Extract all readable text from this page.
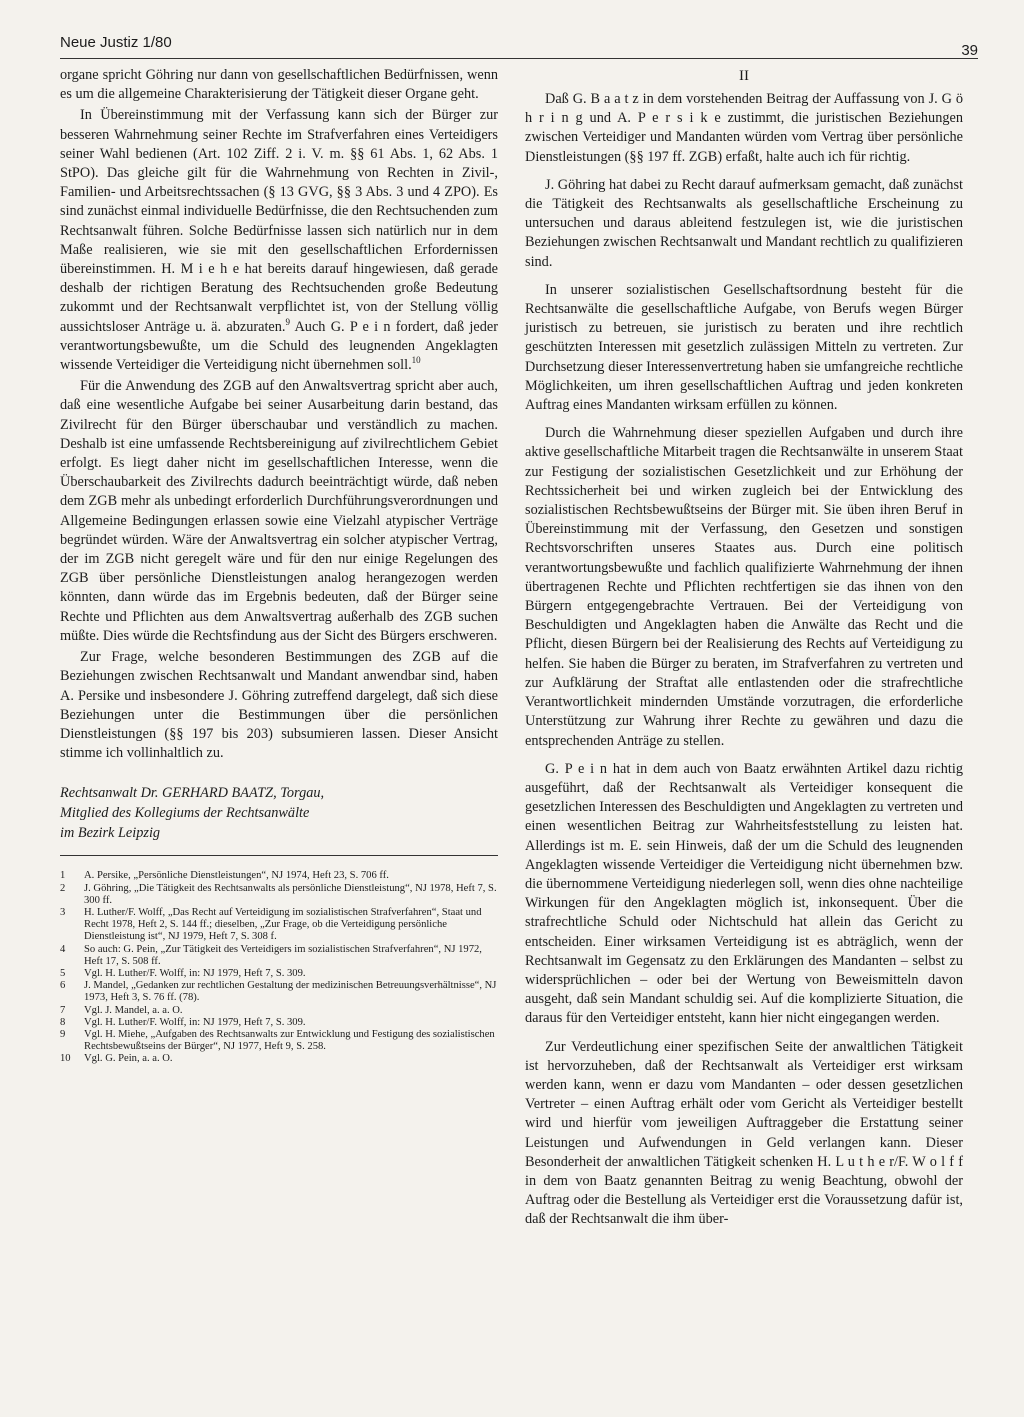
Neue Justiz 1/80	39

organe spricht Göhring nur dann von gesellschaftlichen Bedürfnissen, wenn es um die allgemeine Charakterisierung der Tätigkeit dieser Organe geht.

In Übereinstimmung mit der Verfassung kann sich der Bürger zur besseren Wahrnehmung seiner Rechte im Strafverfahren eines Verteidigers seiner Wahl bedienen (Art. 102 Ziff. 2 i. V. m. §§ 61 Abs. 1, 62 Abs. 1 StPO). Das gleiche gilt für die Wahrnehmung von Rechten in Zivil-, Familien- und Arbeitsrechtssachen (§ 13 GVG, §§ 3 Abs. 3 und 4 ZPO). Es sind zunächst einmal individuelle Bedürfnisse, die den Rechtsuchenden zum Rechtsanwalt führen. Solche Bedürfnisse lassen sich natürlich nur in dem Maße realisieren, wie sie mit den gesellschaftlichen Erfordernissen übereinstimmen. H. M i e h e hat bereits darauf hingewiesen, daß gerade deshalb der richtigen Beratung des Rechtsuchenden große Bedeutung zukommt und der Rechtsanwalt verpflichtet ist, von der Stellung völlig aussichtsloser Anträge u. ä. abzuraten.$^9$ Auch G. P e i n fordert, daß jeder verantwortungsbewußte, um die Schuld des leugnenden Angeklagten wissende Verteidiger die Verteidigung nicht übernehmen soll.$^{10}$

Für die Anwendung des ZGB auf den Anwaltsvertrag spricht aber auch, daß eine wesentliche Aufgabe bei seiner Ausarbeitung darin bestand, das Zivilrecht für den Bürger überschaubar und verständlich zu machen. Deshalb ist eine umfassende Rechtsbereinigung auf zivilrechtlichem Gebiet erfolgt. Es liegt daher nicht im gesellschaftlichen Interesse, wenn die Überschaubarkeit des Zivilrechts dadurch beeinträchtigt würde, daß neben dem ZGB mehr als unbedingt erforderlich Durchführungsverordnungen und Allgemeine Bedingungen erlassen sowie eine Vielzahl atypischer Verträge begründet würden. Wäre der Anwaltsvertrag ein solcher atypischer Vertrag, der im ZGB nicht geregelt wäre und für den nur einige Regelungen des ZGB über persönliche Dienstleistungen analog herangezogen werden könnten, dann würde das im Ergebnis bedeuten, daß der Bürger seine Rechte und Pflichten aus dem Anwaltsvertrag außerhalb des ZGB suchen müßte. Dies würde die Rechtsfindung aus der Sicht des Bürgers erschweren.

Zur Frage, welche besonderen Bestimmungen des ZGB auf die Beziehungen zwischen Rechtsanwalt und Mandant anwendbar sind, haben A. Persike und insbesondere J. Göhring zutreffend dargelegt, daß sich diese Beziehungen unter die Bestimmungen über die persönlichen Dienstleistungen (§§ 197 bis 203) subsumieren lassen. Dieser Ansicht stimme ich vollinhaltlich zu.

Rechtsanwalt Dr. GERHARD BAATZ, Torgau,
Mitglied des Kollegiums der Rechtsanwälte
im Bezirk Leipzig
1	A. Persike, „Persönliche Dienstleistungen“, NJ 1974, Heft 23, S. 706 ff.
2	J. Göhring, „Die Tätigkeit des Rechtsanwalts als persönliche Dienstleistung“, NJ 1978, Heft 7, S. 300 ff.
3	H. Luther/F. Wolff, „Das Recht auf Verteidigung im sozialistischen Strafverfahren“, Staat und Recht 1978, Heft 2, S. 144 ff.; dieselben, „Zur Frage, ob die Verteidigung persönliche Dienstleistung ist“, NJ 1979, Heft 7, S. 308 f.
4	So auch: G. Pein, „Zur Tätigkeit des Verteidigers im sozialistischen Strafverfahren“, NJ 1972, Heft 17, S. 508 ff.
5	Vgl. H. Luther/F. Wolff, in: NJ 1979, Heft 7, S. 309.
6	J. Mandel, „Gedanken zur rechtlichen Gestaltung der medizinischen Betreuungsverhältnisse“, NJ 1973, Heft 3, S. 76 ff. (78).
7	Vgl. J. Mandel, a. a. O.
8	Vgl. H. Luther/F. Wolff, in: NJ 1979, Heft 7, S. 309.
9	Vgl. H. Miehe, „Aufgaben des Rechtsanwalts zur Entwicklung und Festigung des sozialistischen Rechtsbewußtseins der Bürger“, NJ 1977, Heft 9, S. 258.
10	Vgl. G. Pein, a. a. O.
II

Daß G. B a a t z in dem vorstehenden Beitrag der Auffassung von J. G ö h r i n g und A. P e r s i k e zustimmt, die juristischen Beziehungen zwischen Verteidiger und Mandanten würden vom Vertrag über persönliche Dienstleistungen (§§ 197 ff. ZGB) erfaßt, halte auch ich für richtig.

J. Göhring hat dabei zu Recht darauf aufmerksam gemacht, daß zunächst die Tätigkeit des Rechtsanwalts als gesellschaftliche Erscheinung zu untersuchen und daraus ableitend festzulegen ist, wie die juristischen Beziehungen zwischen Rechtsanwalt und Mandant rechtlich zu qualifizieren sind.

In unserer sozialistischen Gesellschaftsordnung besteht für die Rechtsanwälte die gesellschaftliche Aufgabe, von Berufs wegen Bürger juristisch zu betreuen, sie juristisch zu beraten und ihre rechtlich geschützten Interessen mit gesetzlich zulässigen Mitteln zu vertreten. Zur Durchsetzung dieser Interessenvertretung haben sie umfangreiche rechtliche Möglichkeiten, um ihren gesellschaftlichen Auftrag und jeden konkreten Auftrag eines Mandanten wirksam erfüllen zu können.

Durch die Wahrnehmung dieser speziellen Aufgaben und durch ihre aktive gesellschaftliche Mitarbeit tragen die Rechtsanwälte in unserem Staat zur Festigung der sozialistischen Gesetzlichkeit und zur Erhöhung der Rechtssicherheit bei und wirken zugleich bei der Entwicklung des sozialistischen Rechtsbewußtseins der Bürger mit. Sie üben ihren Beruf in Übereinstimmung mit der Verfassung, den Gesetzen und sonstigen Rechtsvorschriften unseres Staates aus. Durch eine politisch verantwortungsbewußte und fachlich qualifizierte Wahrnehmung der ihnen übertragenen Rechte und Pflichten rechtfertigen sie das ihnen von den Bürgern entgegengebrachte Vertrauen. Bei der Verteidigung von Beschuldigten und Angeklagten haben die Anwälte das Recht und die Pflicht, diesen Bürgern bei der Realisierung des Rechts auf Verteidigung zu helfen. Sie haben die Bürger zu beraten, im Strafverfahren zu vertreten und zur Aufklärung der Straftat alle entlastenden oder die strafrechtliche Verantwortlichkeit mindernden Umstände vorzutragen, die erforderliche Unterstützung zur Wahrung ihrer Rechte zu gewähren und dazu die entsprechenden Anträge zu stellen.

G. P e i n hat in dem auch von Baatz erwähnten Artikel dazu richtig ausgeführt, daß der Rechtsanwalt als Verteidiger konsequent die gesetzlichen Interessen des Beschuldigten und Angeklagten zu vertreten und einen wesentlichen Beitrag zur Wahrheitsfeststellung zu leisten hat. Allerdings ist m. E. sein Hinweis, daß der um die Schuld des leugnenden Angeklagten wissende Verteidiger die Verteidigung nicht übernehmen bzw. die übernommene Verteidigung niederlegen soll, wenn dies ohne nachteilige Wirkungen für den Angeklagten möglich ist, inkonsequent. Über die strafrechtliche Schuld oder Nichtschuld hat allein das Gericht zu entscheiden. Einer wirksamen Verteidigung ist es abträglich, wenn der Rechtsanwalt im Gegensatz zu den Erklärungen des Mandanten – selbst zu widersprüchlichen – oder bei der Wertung von Beweismitteln davon ausgeht, daß sein Mandant schuldig sei. Auf die komplizierte Situation, die daraus für den Verteidiger entsteht, kann hier nicht eingegangen werden.

Zur Verdeutlichung einer spezifischen Seite der anwaltlichen Tätigkeit ist hervorzuheben, daß der Rechtsanwalt als Verteidiger erst wirksam werden kann, wenn er dazu vom Mandanten – oder dessen gesetzlichen Vertreter – einen Auftrag erhält oder vom Gericht als Verteidiger bestellt wird und hierfür vom jeweiligen Auftraggeber die Erstattung seiner Leistungen und Aufwendungen in Geld verlangen kann. Dieser Besonderheit der anwaltlichen Tätigkeit schenken H. L u t h e r/F. W o l f f in dem von Baatz genannten Beitrag zu wenig Beachtung, obwohl der Auftrag oder die Bestellung als Verteidiger erst die Voraussetzung dafür ist, daß der Rechtsanwalt die ihm über-
